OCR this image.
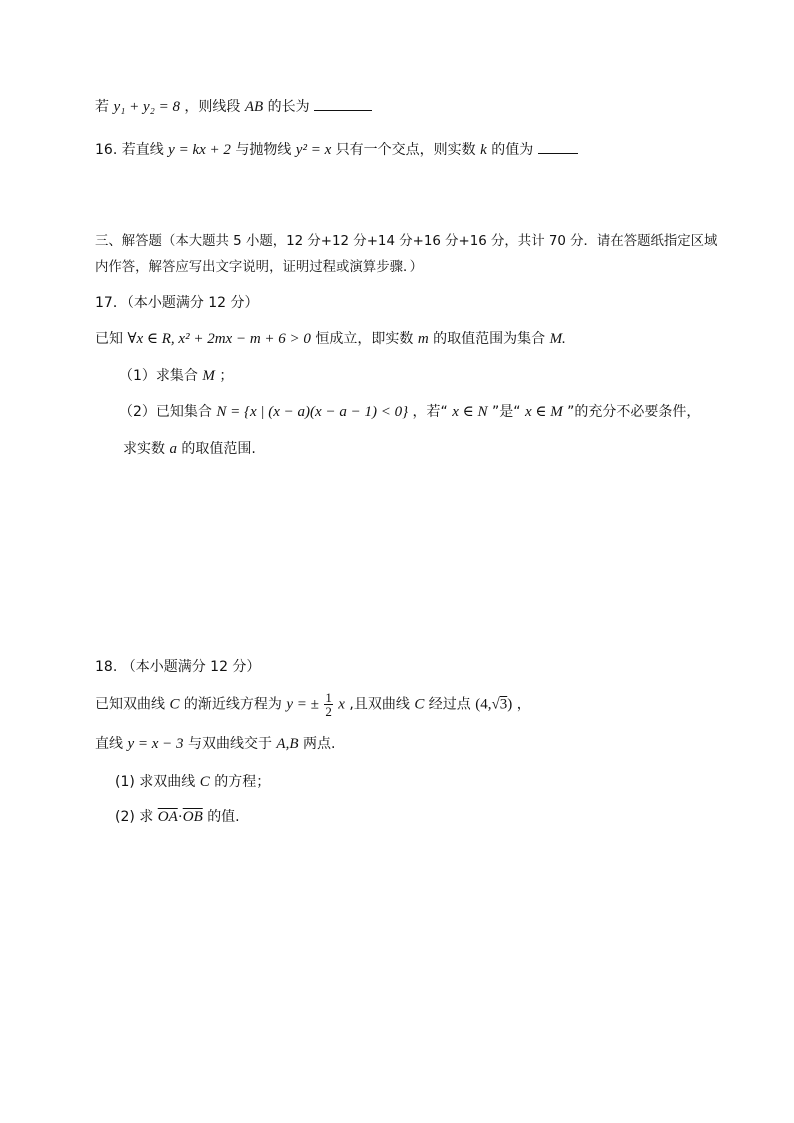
若 y₁ + y₂ = 8 ，则线段 AB 的长为
16. 若直线 y = kx + 2 与抛物线 y² = x 只有一个交点，则实数 k 的值为
三、解答题（本大题共 5 小题，12 分+12 分+14 分+16 分+16 分，共计 70 分．请在答题纸指定区域
内作答，解答应写出文字说明，证明过程或演算步骤．）
17．（本小题满分 12 分）
已知 ∀x ∈ R, x² + 2mx − m + 6 > 0 恒成立，即实数 m 的取值范围为集合 M.
（1）求集合 M ；
（2）已知集合 N = {x | (x − a)(x − a − 1) < 0} ，若“ x ∈ N ”是“ x ∈ M ”的充分不必要条件，
求实数 a 的取值范围.
18. （本小题满分 12 分）
已知双曲线 C 的渐近线方程为 y = ± $\frac{1}{2}$ x ,且双曲线 C 经过点 (4,√3) ，
直线 y = x − 3 与双曲线交于 A,B 两点.
(1) 求双曲线 C 的方程；
(2) 求 $\overline{OA}\cdot\overline{OB}$ 的值.
